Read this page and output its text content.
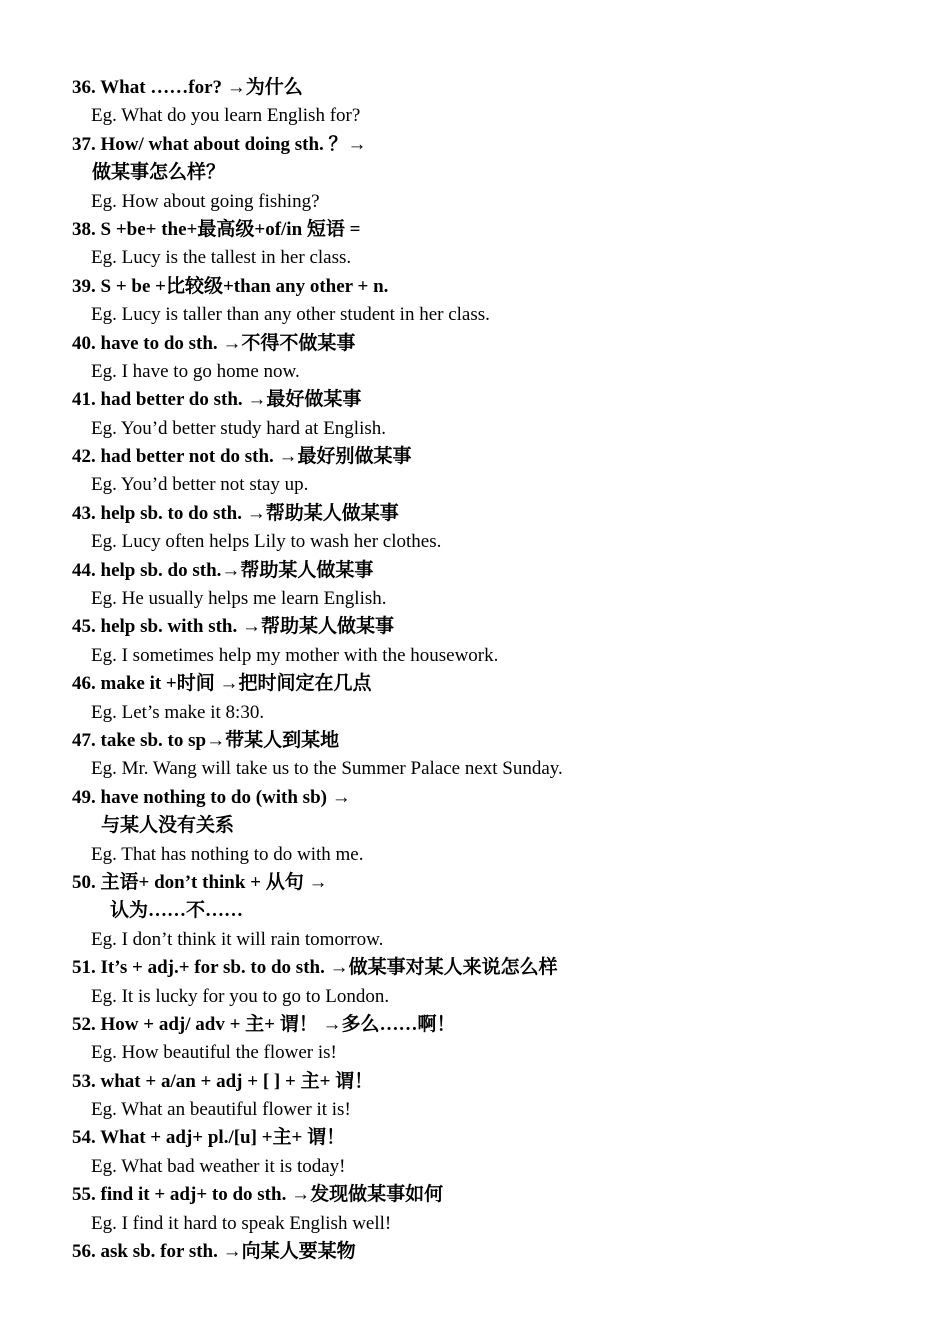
36. What ……for? →为什么
Eg. What do you learn English for?
37. How/ what about doing sth. ？→
做某事怎么样？
Eg. How about going fishing?
38. S +be+ the+最高级+of/in 短语 =
Eg. Lucy is the tallest in her class.
39. S + be +比较级+than any other + n.
Eg. Lucy is taller than any other student in her class.
40. have to do sth. →不得不做某事
Eg. I have to go home now.
41. had better do sth. →最好做某事
Eg. You’d better study hard at English.
42. had better not do sth. →最好别做某事
Eg. You’d better not stay up.
43. help sb. to do sth. →帮助某人做某事
Eg. Lucy often helps Lily to wash her clothes.
44. help sb. do sth.→帮助某人做某事
Eg. He usually helps me learn English.
45. help sb. with sth. →帮助某人做某事
Eg. I sometimes help my mother with the housework.
46. make it +时间 →把时间定在几点
Eg. Let’s make it 8:30.
47. take sb. to sp→带某人到某地
Eg. Mr. Wang will take us to the Summer Palace next Sunday.
49. have nothing to do (with sb) →
与某人没有关系
Eg. That has nothing to do with me.
50. 主语+ don’t think + 从句 →
认为……不……
Eg. I don’t think it will rain tomorrow.
51. It’s + adj.+ for sb. to do sth. →做某事对某人来说怎么样
Eg. It is lucky for you to go to London.
52. How + adj/ adv + 主+ 谓！ →多么……啊！
Eg. How beautiful the flower is!
53. what + a/an + adj + [ ] + 主+ 谓！
Eg. What an beautiful flower it is!
54. What + adj+ pl./[u] +主+ 谓！
Eg. What bad weather it is today!
55. find it + adj+ to do sth. →发现做某事如何
Eg. I find it hard to speak English well!
56. ask sb. for sth. →向某人要某物
